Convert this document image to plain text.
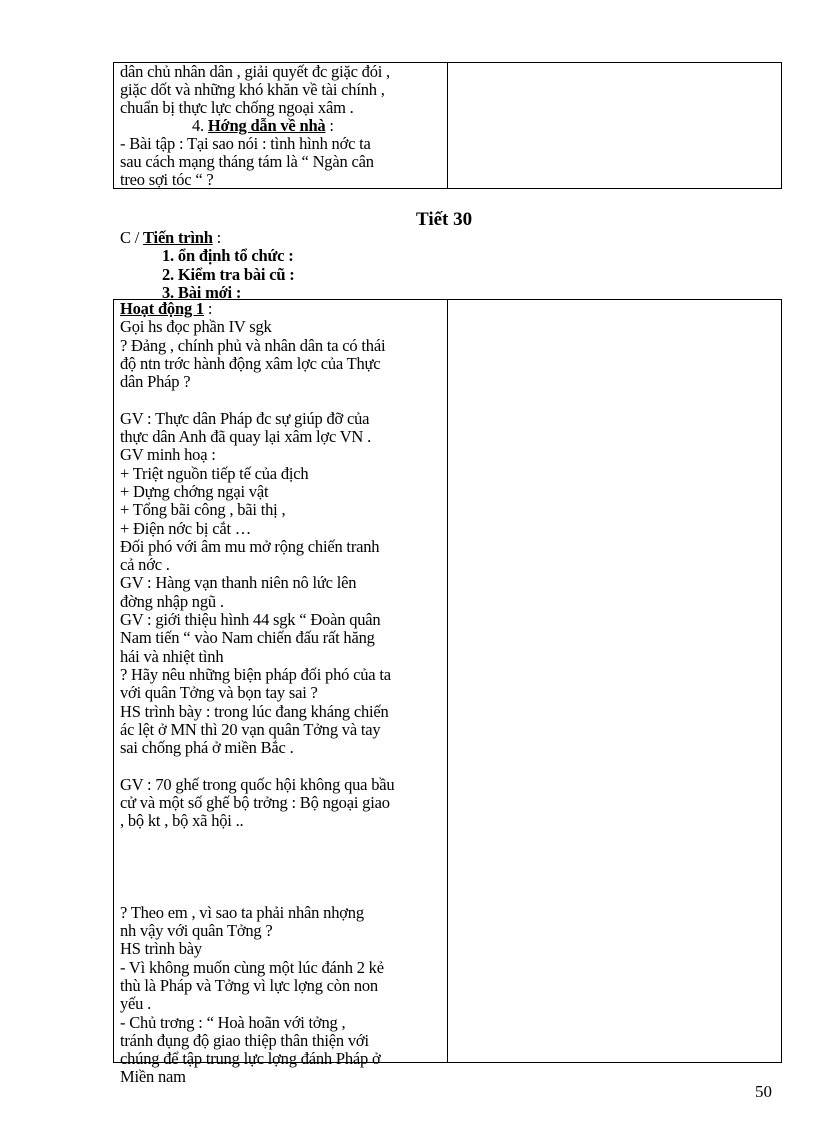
dân chủ nhân dân , giải quyết đc giặc đói ,
giặc dốt và những khó khăn về tài chính ,
chuẩn bị thực lực chống ngoại xâm .
4. Hớng dẫn về nhà :
- Bài tập : Tại sao nói : tình hình nớc ta
sau cách mạng tháng tám là “ Ngàn cân
treo sợi tóc “ ?
Tiết 30
C / Tiến trình :
1. ổn định tổ chức :
2. Kiểm tra bài cũ :
3. Bài mới :
Hoạt động 1 :
Gọi hs đọc phần IV sgk
? Đảng , chính phủ và nhân dân ta có thái
độ ntn trớc hành động xâm lợc của Thực
dân Pháp ?
GV : Thực dân Pháp đc sự giúp đỡ của
thực dân Anh đã quay lại xâm lợc VN .
GV minh hoạ :
+ Triệt nguồn tiếp tế của địch
+ Dựng chớng ngại vật
+ Tổng bãi công , bãi thị ,
+ Điện nớc bị cắt …
Đối phó với âm mu mở rộng chiến tranh
cả nớc .
GV : Hàng vạn thanh niên nô lức lên
đờng nhập ngũ .
GV : giới thiệu hình 44 sgk “ Đoàn quân
Nam tiến “ vào Nam chiến đấu rất hăng
hái và nhiệt tình
? Hãy nêu những biện pháp đối phó của ta
với quân Tởng và bọn tay sai ?
HS trình bày : trong lúc đang kháng chiến
ác lệt ở MN thì 20 vạn quân Tởng và tay
sai chống phá ở miền Bắc .
GV : 70 ghế trong quốc hội không qua bầu
cử và một số ghế bộ trởng : Bộ ngoại giao
, bộ kt , bộ xã hội ..
? Theo em , vì sao ta phải nhân nhợng
nh vậy với quân Tởng ?
HS trình bày
- Vì không muốn cùng một lúc đánh 2 kẻ
thù là Pháp và Tởng vì lực lợng còn non
yếu .
- Chủ trơng : “ Hoà hoãn với tởng ,
tránh đụng độ giao thiệp thân thiện với
chúng để tập trung lực lợng đánh Pháp ở
Miền nam
50
